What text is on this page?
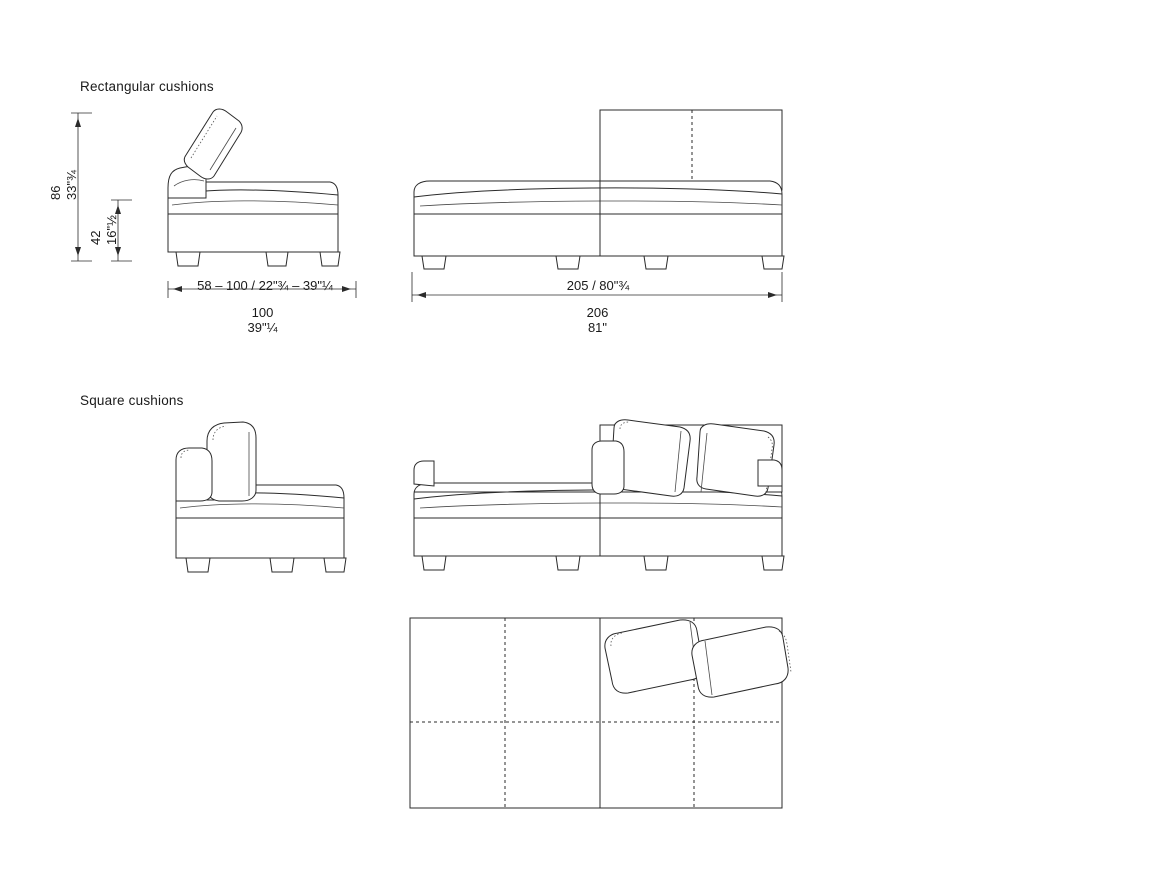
Rectangular cushions
Square cushions
86 33"¾
42 16"½
58 – 100 / 22"¾ – 39"¼
100
39"¼
205 / 80"¾
206
81"
